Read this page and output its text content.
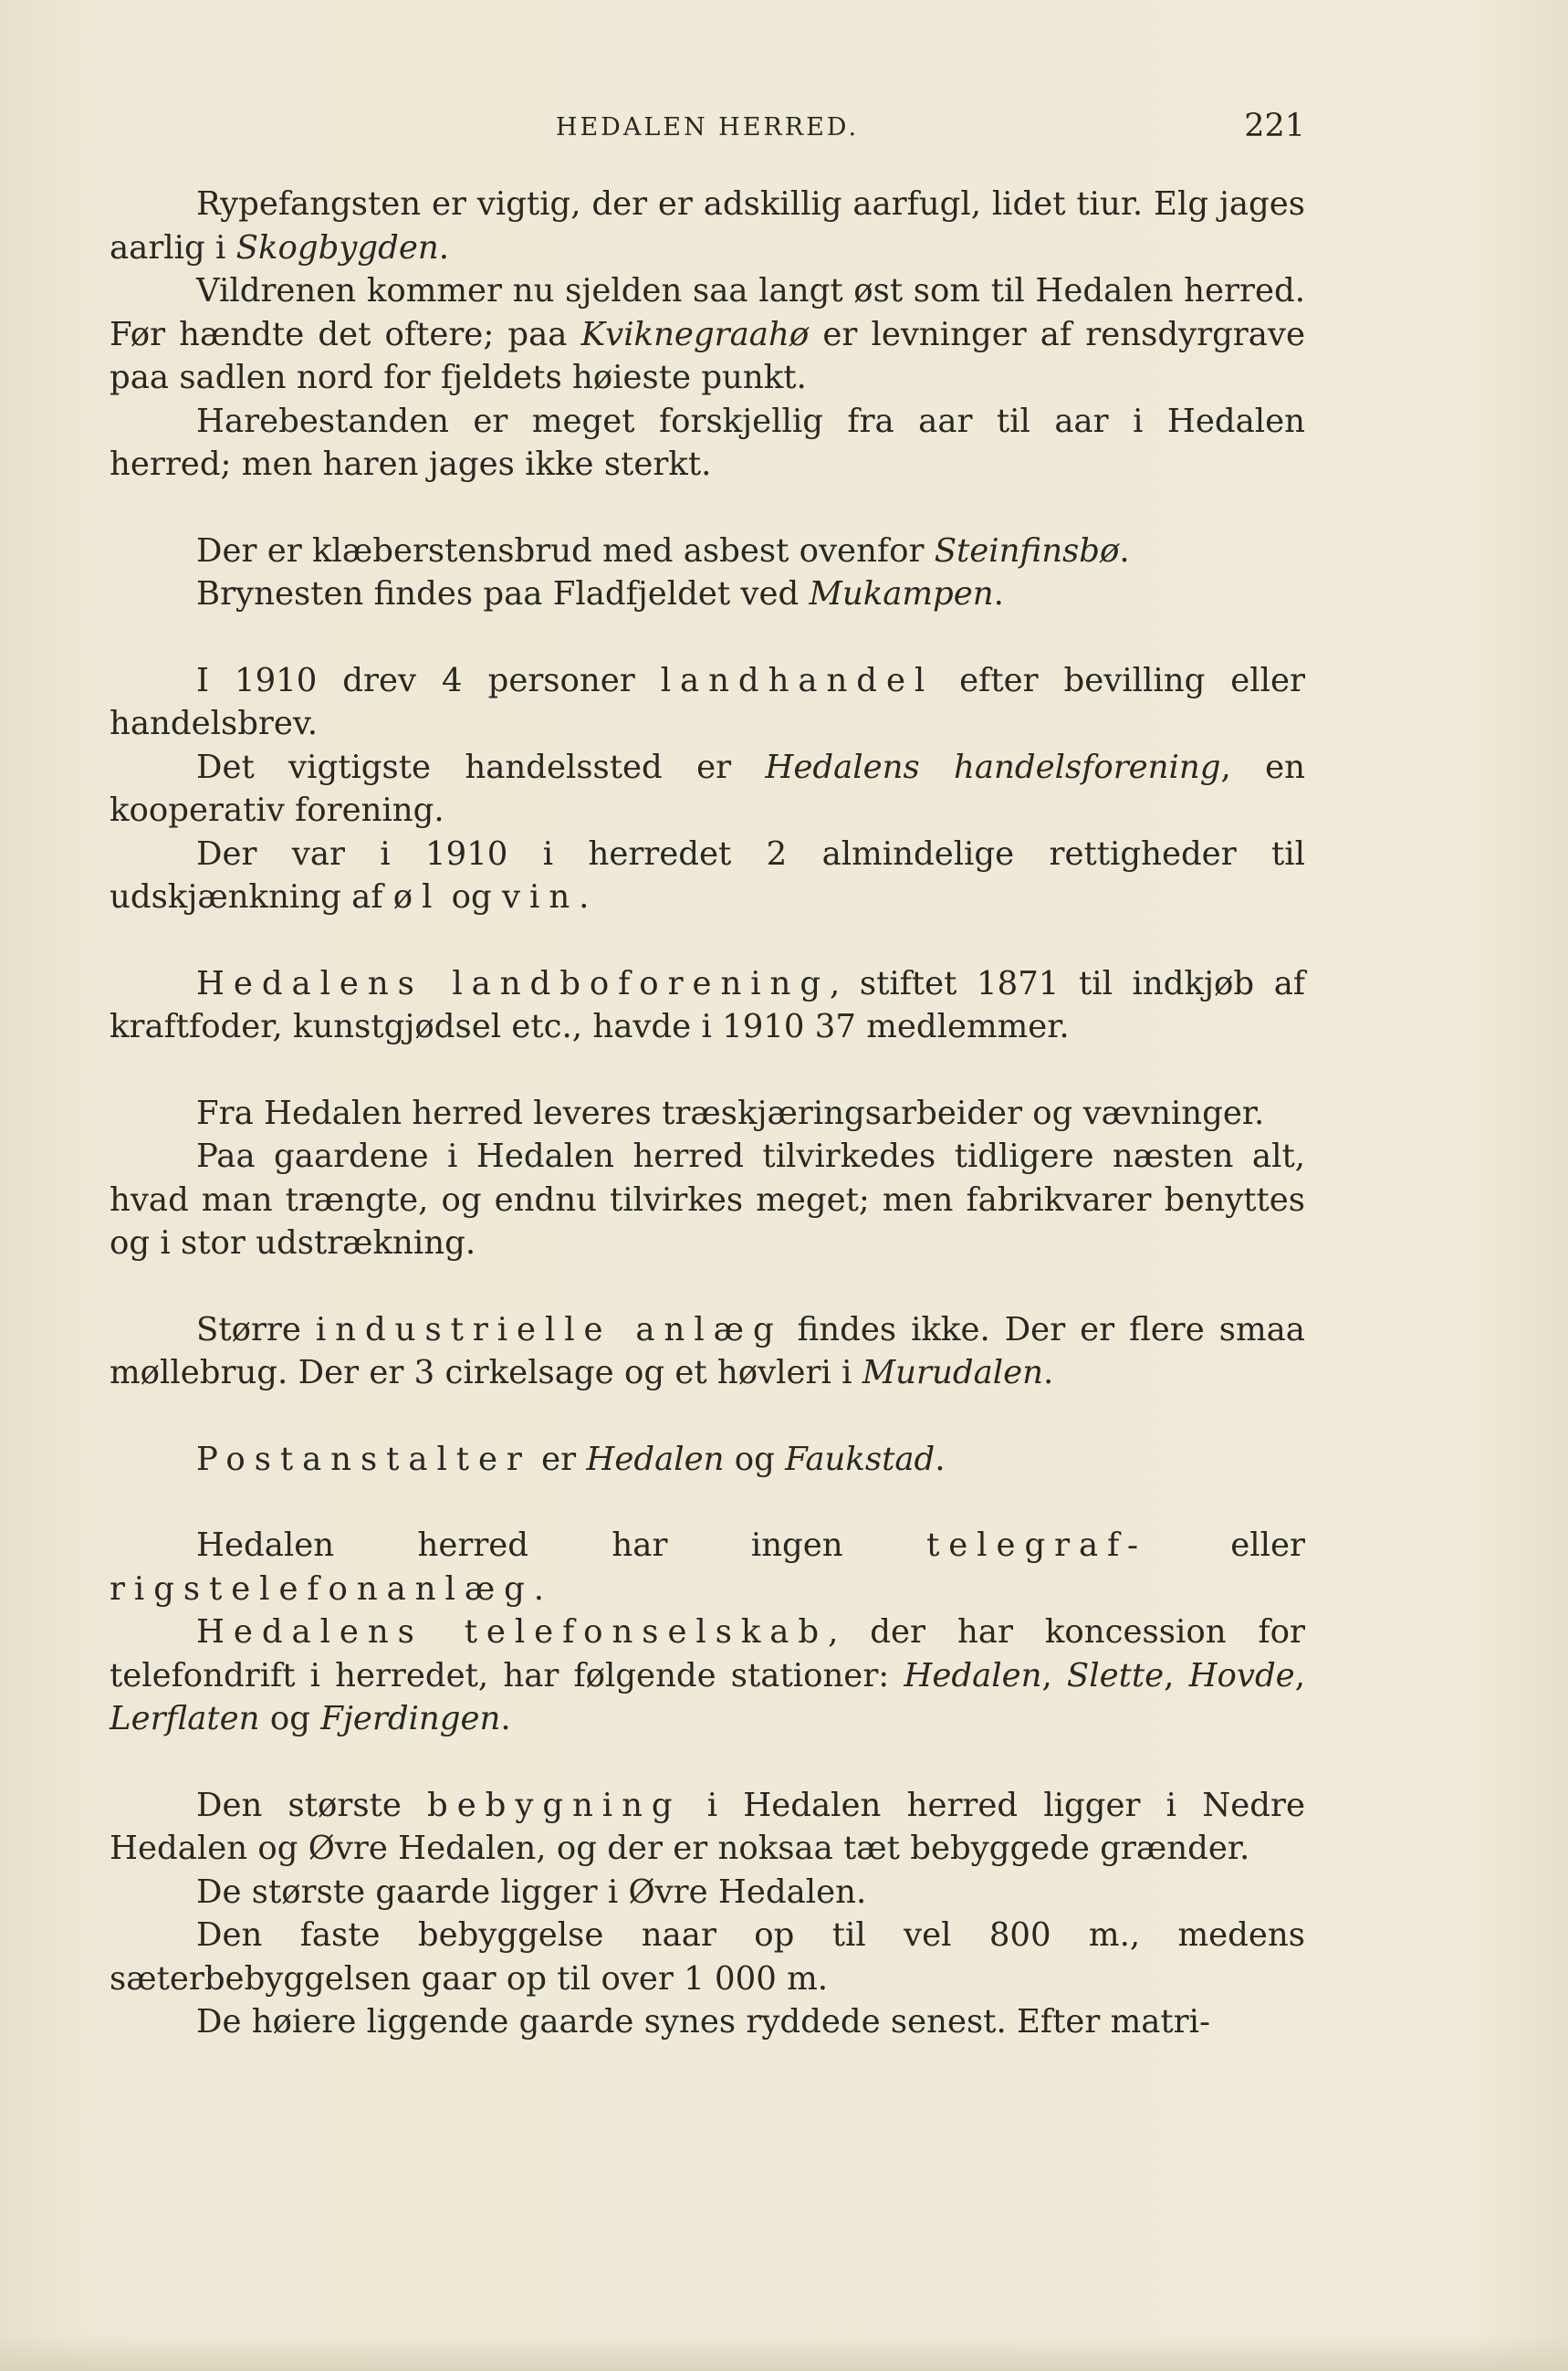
HEDALEN HERRED.	221

Rypefangsten er vigtig, der er adskillig aarfugl, lidet tiur. Elg jages aarlig i Skogbygden.

Vildrenen kommer nu sjelden saa langt øst som til Hedalen herred. Før hændte det oftere; paa Kviknegraahø er levninger af rensdyrgrave paa sadlen nord for fjeldets høieste punkt.

Harebestanden er meget forskjellig fra aar til aar i Hedalen herred; men haren jages ikke sterkt.

Der er klæberstensbrud med asbest ovenfor Steinfinsbø.

Brynesten findes paa Fladfjeldet ved Mukampen.

I 1910 drev 4 personer landhandel efter bevilling eller handelsbrev.

Det vigtigste handelssted er Hedalens handelsforening, en kooperativ forening.

Der var i 1910 i herredet 2 almindelige rettigheder til udskjænkning af øl og vin.

Hedalens landboforening, stiftet 1871 til indkjøb af kraftfoder, kunstgjødsel etc., havde i 1910 37 medlemmer.

Fra Hedalen herred leveres træskjæringsarbeider og vævninger.

Paa gaardene i Hedalen herred tilvirkedes tidligere næsten alt, hvad man trængte, og endnu tilvirkes meget; men fabrikvarer benyttes og i stor udstrækning.

Større industrielle anlæg findes ikke. Der er flere smaa møllebrug. Der er 3 cirkelsage og et høvleri i Murudalen.

Postanstalter er Hedalen og Faukstad.

Hedalen herred har ingen telegraf- eller rigstelefonanlæg.

Hedalens telefonselskab, der har koncession for telefondrift i herredet, har følgende stationer: Hedalen, Slette, Hovde, Lerflaten og Fjerdingen.

Den største bebygning i Hedalen herred ligger i Nedre Hedalen og Øvre Hedalen, og der er noksaa tæt bebyggede grænder.

De største gaarde ligger i Øvre Hedalen.

Den faste bebyggelse naar op til vel 800 m., medens sæterbebyggelsen gaar op til over 1 000 m.

De høiere liggende gaarde synes ryddede senest. Efter matri-
